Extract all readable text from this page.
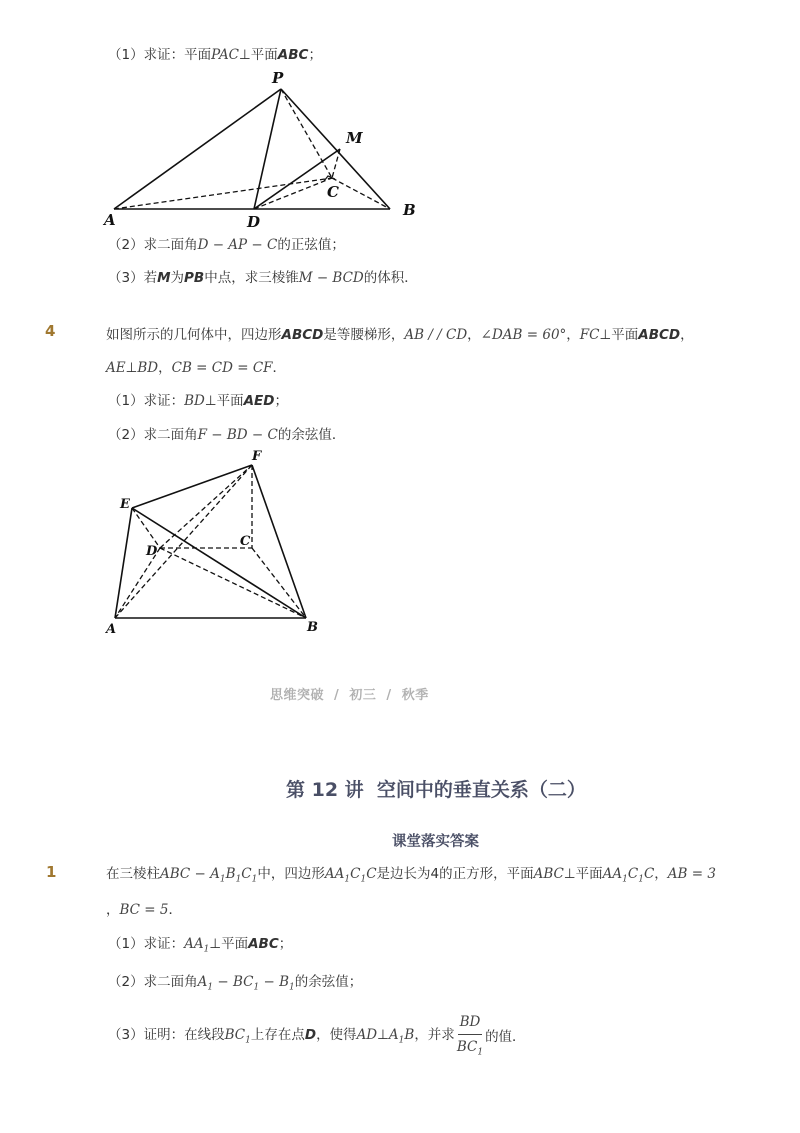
（1）求证：平面PAC⊥平面ABC；
P
M
C
A	D
B
（2）求二面角D − AP − C的正弦值；
（3）若M为PB中点，求三棱锥M − BCD的体积．
4	如图所示的几何体中，四边形ABCD是等腰梯形，AB / / CD，∠DAB = 60°，FC⊥平面ABCD，
AE⊥BD，CB = CD = CF．
（1）求证：BD⊥平面AED；
（2）求二面角F − BD − C的余弦值．
F
E
C
D
A	B
思维突破  /  初三  /  秋季
第 12 讲  空间中的垂直关系（二）
课堂落实答案
1	在三棱柱ABC − $A_1B_1C_1$中，四边形$AA_1C_1C$是边长为4的正方形，平面ABC⊥平面$AA_1C_1C$，AB = 3
，BC = 5．
（1）求证：$AA_1\perp$平面ABC；
（2）求二面角$A_1 - BC_1 - B_1$的余弦值；
（3）证明：在线段$BC_1$上存在点D，使得$AD\perp A_1B$，并求 $\frac{BD}{BC_1}$ 的值．
